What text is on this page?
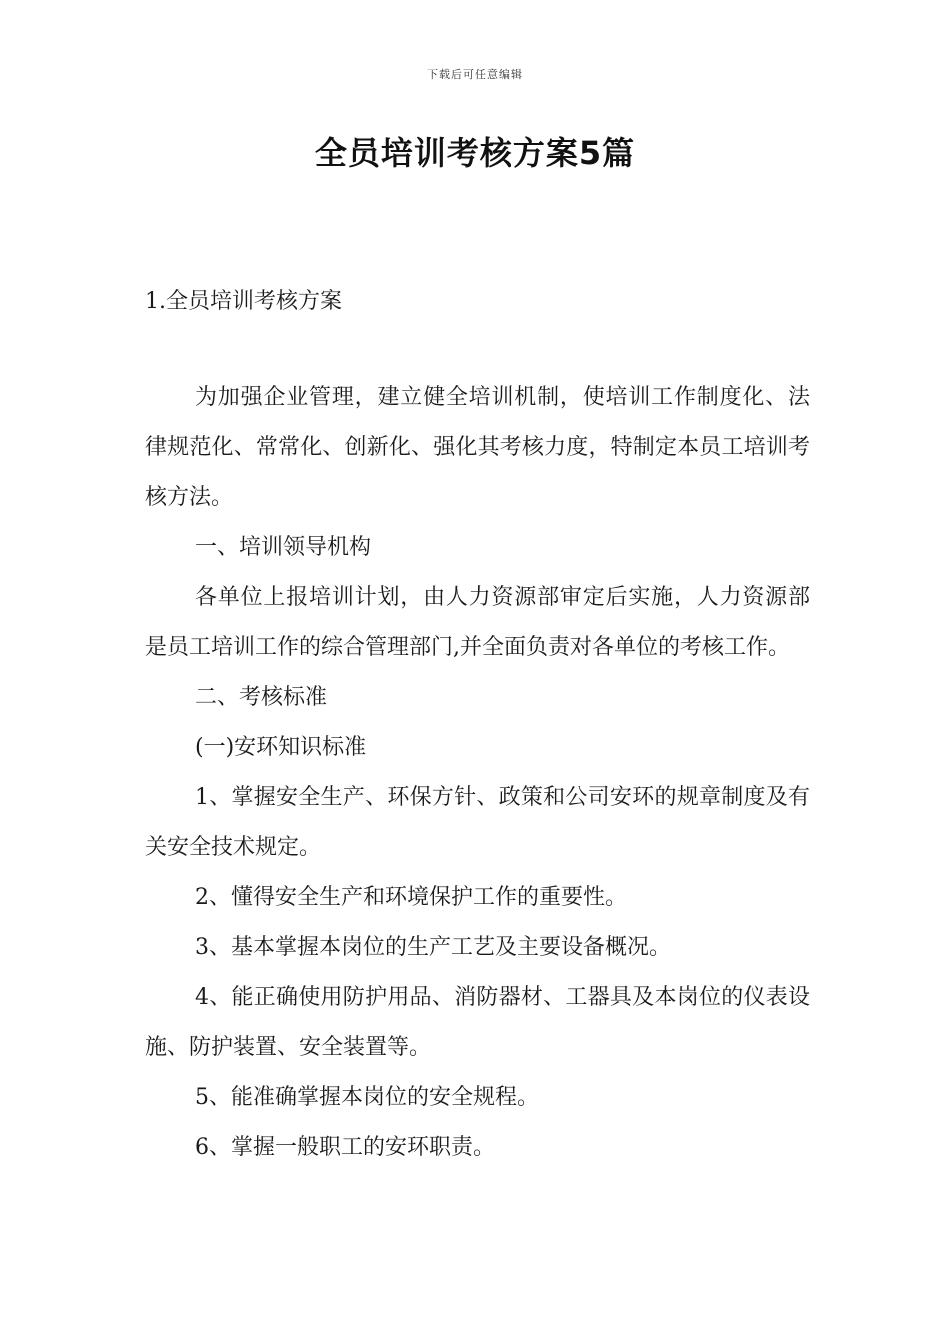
下载后可任意编辑
全员培训考核方案5篇
1.全员培训考核方案

为加强企业管理，建立健全培训机制，使培训工作制度化、法律规范化、常常化、创新化、强化其考核力度，特制定本员工培训考核方法。

一、培训领导机构

各单位上报培训计划，由人力资源部审定后实施，人力资源部是员工培训工作的综合管理部门,并全面负责对各单位的考核工作。

二、考核标准

(一)安环知识标准

1、掌握安全生产、环保方针、政策和公司安环的规章制度及有关安全技术规定。

2、懂得安全生产和环境保护工作的重要性。

3、基本掌握本岗位的生产工艺及主要设备概况。

4、能正确使用防护用品、消防器材、工器具及本岗位的仪表设施、防护装置、安全装置等。

5、能准确掌握本岗位的安全规程。

6、掌握一般职工的安环职责。
